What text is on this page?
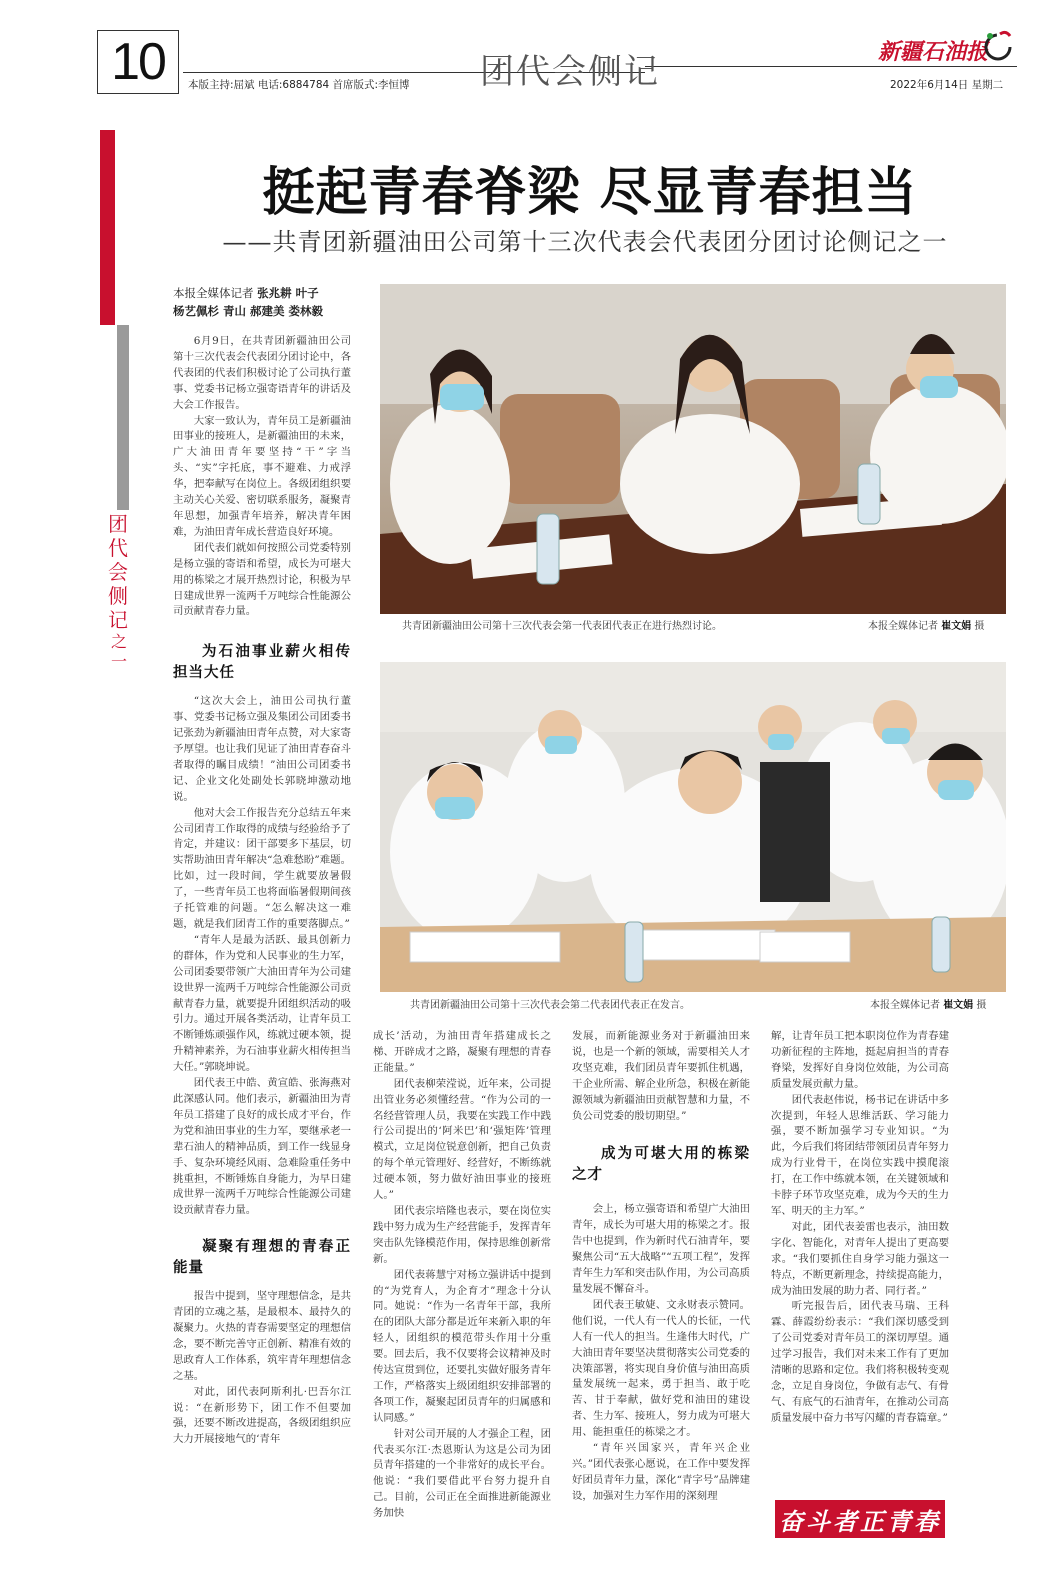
10 本版主持:屈斌 电话:6884784 首席版式:李恒博 团代会侧记	新疆石油报
2022年6月14日 星期二
团代会侧记
之一
挺起青春脊梁 尽显青春担当
——共青团新疆油田公司第十三次代表会代表团分团讨论侧记之一
本报全媒体记者 张兆耕 叶子
杨艺佩杉 青山 郝建美 娄林毅

6月9日，在共青团新疆油田公司第十三次代表会代表团分团讨论中，各代表团的代表们积极讨论了公司执行董事、党委书记杨立强寄语青年的讲话及大会工作报告。

大家一致认为，青年员工是新疆油田事业的接班人，是新疆油田的未来，广大油田青年要坚持“干”字当头、“实”字托底，事不避难、力戒浮华，把奉献写在岗位上。各级团组织要主动关心关爱、密切联系服务，凝聚青年思想，加强青年培养，解决青年困难，为油田青年成长营造良好环境。

团代表们就如何按照公司党委特别是杨立强的寄语和希望，成长为可堪大用的栋梁之才展开热烈讨论，积极为早日建成世界一流两千万吨综合性能源公司贡献青春力量。

为石油事业薪火相传担当大任

“这次大会上，油田公司执行董事、党委书记杨立强及集团公司团委书记张劲为新疆油田青年点赞，对大家寄予厚望。也让我们见证了油田青春奋斗者取得的瞩目成绩！”油田公司团委书记、企业文化处副处长郭晓坤激动地说。

他对大会工作报告充分总结五年来公司团青工作取得的成绩与经验给予了肯定，并建议：团干部要多下基层，切实帮助油田青年解决“急难愁盼”难题。比如，过一段时间，学生就要放暑假了，一些青年员工也将面临暑假期间孩子托管难的问题。“怎么解决这一难题，就是我们团青工作的重要落脚点。”

“青年人是最为活跃、最具创新力的群体，作为党和人民事业的生力军，公司团委要带领广大油田青年为公司建设世界一流两千万吨综合性能源公司贡献青春力量，就要提升团组织活动的吸引力。通过开展各类活动，让青年员工不断锤炼顽强作风，练就过硬本领，提升精神素养，为石油事业薪火相传担当大任。”郭晓坤说。

团代表王中皓、黄宣皓、张海燕对此深感认同。他们表示，新疆油田为青年员工搭建了良好的成长成才平台，作为党和油田事业的生力军，要继承老一辈石油人的精神品质，到工作一线显身手、复杂环境经风雨、急难险重任务中挑重担，不断锤炼自身能力，为早日建成世界一流两千万吨综合性能源公司建设贡献青春力量。

凝聚有理想的青春正能量

报告中提到，坚守理想信念，是共青团的立魂之基，是最根本、最持久的凝聚力。火热的青春需要坚定的理想信念，要不断完善守正创新、精准有效的思政育人工作体系，筑牢青年理想信念之基。

对此，团代表阿斯利扎·巴吾尔江说：“在新形势下，团工作不但要加强，还要不断改进提高，各级团组织应大力开展接地气的‘青年

共青团新疆油田公司第十三次代表会第一代表团代表正在进行热烈讨论。	本报全媒体记者 崔文娟 摄
共青团新疆油田公司第十三次代表会第二代表团代表正在发言。	本报全媒体记者 崔文娟 摄

成长’活动，为油田青年搭建成长之梯、开辟成才之路，凝聚有理想的青春正能量。”

团代表柳荣滢说，近年来，公司提出管业务必须懂经营。“作为公司的一名经营管理人员，我要在实践工作中践行公司提出的‘阿米巴’和‘强矩阵’管理模式，立足岗位锐意创新，把自己负责的每个单元管理好、经营好，不断练就过硬本领，努力做好油田事业的接班人。”

团代表宗培隆也表示，要在岗位实践中努力成为生产经营能手，发挥青年突击队先锋模范作用，保持思维创新常新。

团代表蒋慧宁对杨立强讲话中提到的“为党育人，为企育才”理念十分认同。她说：“作为一名青年干部，我所在的团队大部分都是近年来新入职的年轻人，团组织的模范带头作用十分重要。回去后，我不仅要将会议精神及时传达宣贯到位，还要扎实做好服务青年工作，严格落实上级团组织安排部署的各项工作，凝聚起团员青年的归属感和认同感。”

针对公司开展的人才强企工程，团代表买尔江·杰恩斯认为这是公司为团员青年搭建的一个非常好的成长平台。他说：“我们要借此平台努力提升自己。目前，公司正在全面推进新能源业务加快

发展，而新能源业务对于新疆油田来说，也是一个新的领域，需要相关人才攻坚克难，我们团员青年要抓住机遇，干企业所需、解企业所急，积极在新能源领域为新疆油田贡献智慧和力量，不负公司党委的殷切期望。”

成为可堪大用的栋梁之才

会上，杨立强寄语和希望广大油田青年，成长为可堪大用的栋梁之才。报告中也提到，作为新时代石油青年，要聚焦公司“五大战略”“五项工程”，发挥青年生力军和突击队作用，为公司高质量发展不懈奋斗。

团代表王敏婕、文永财表示赞同。他们说，一代人有一代人的长征，一代人有一代人的担当。生逢伟大时代，广大油田青年要坚决贯彻落实公司党委的决策部署，将实现自身价值与油田高质量发展统一起来，勇于担当、敢于吃苦、甘于奉献，做好党和油田的建设者、生力军、接班人，努力成为可堪大用、能担重任的栋梁之才。

“青年兴国家兴，青年兴企业兴。”团代表张心愿说，在工作中要发挥好团员青年力量，深化“青字号”品牌建设，加强对生力军作用的深刻理

解，让青年员工把本职岗位作为青春建功新征程的主阵地，挺起肩担当的青春脊梁，发挥好自身岗位效能，为公司高质量发展贡献力量。

团代表赵伟说，杨书记在讲话中多次提到，年轻人思维活跃、学习能力强，要不断加强学习专业知识。“为此，今后我们将团结带领团员青年努力成为行业骨干，在岗位实践中摸爬滚打，在工作中练就本领，在关键领域和卡脖子环节攻坚克难，成为今天的生力军、明天的主力军。”

对此，团代表姜雷也表示，油田数字化、智能化，对青年人提出了更高要求。“我们要抓住自身学习能力强这一特点，不断更新理念，持续提高能力，成为油田发展的助力者、同行者。”

听完报告后，团代表马瑞、王科霖、薛霞纷纷表示：“我们深切感受到了公司党委对青年员工的深切厚望。通过学习报告，我们对未来工作有了更加清晰的思路和定位。我们将积极转变观念，立足自身岗位，争做有志气、有骨气、有底气的石油青年，在推动公司高质量发展中奋力书写闪耀的青春篇章。”

奋斗者正青春
